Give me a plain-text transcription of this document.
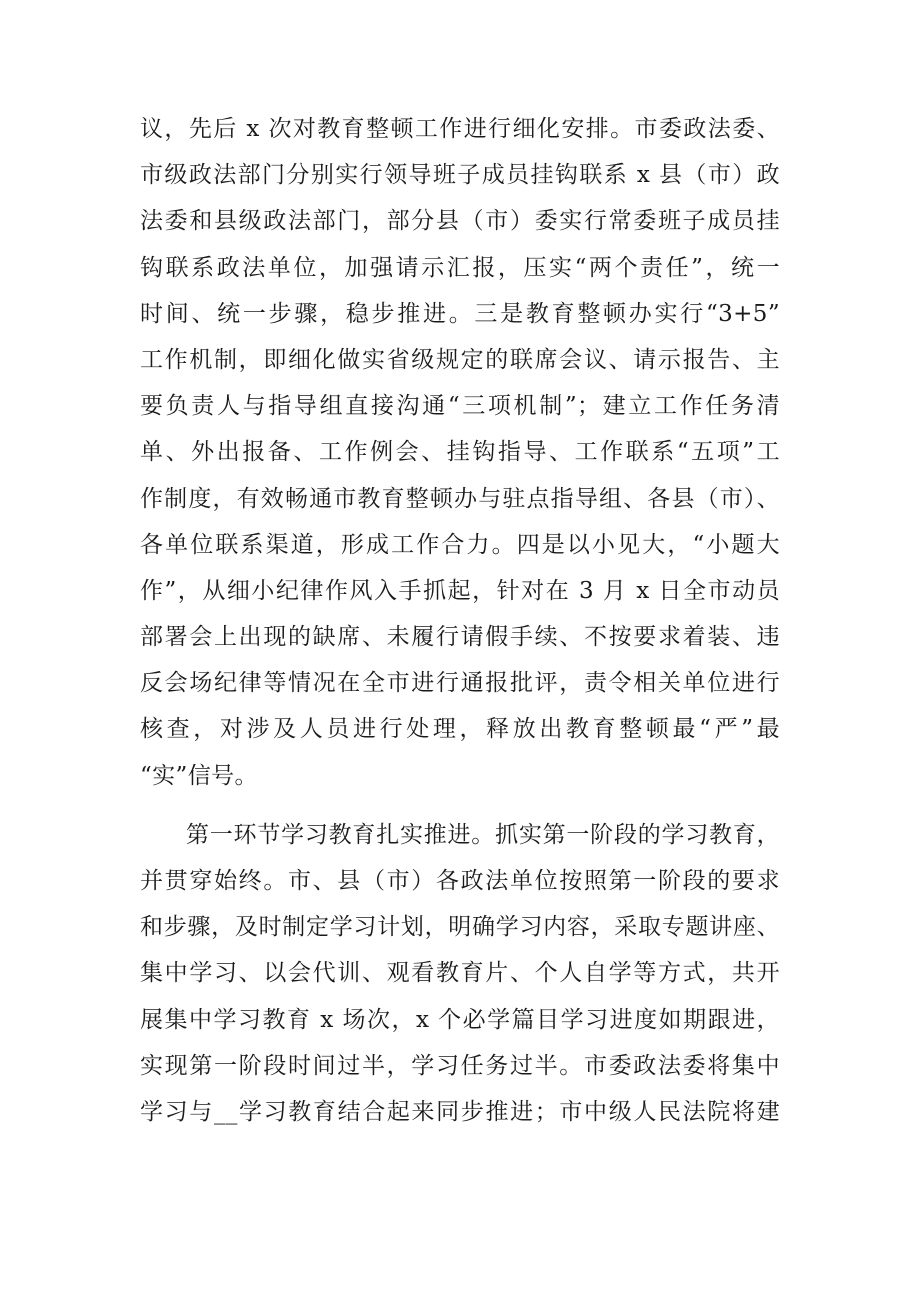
议，先后 x 次对教育整顿工作进行细化安排。市委政法委、
市级政法部门分别实行领导班子成员挂钩联系 x 县（市）政
法委和县级政法部门，部分县（市）委实行常委班子成员挂
钩联系政法单位，加强请示汇报，压实“两个责任”，统一
时间、统一步骤，稳步推进。三是教育整顿办实行“3+5”
工作机制，即细化做实省级规定的联席会议、请示报告、主
要负责人与指导组直接沟通“三项机制”；建立工作任务清
单、外出报备、工作例会、挂钩指导、工作联系“五项”工
作制度，有效畅通市教育整顿办与驻点指导组、各县（市）、
各单位联系渠道，形成工作合力。四是以小见大，“小题大
作”，从细小纪律作风入手抓起，针对在 3 月 x 日全市动员
部署会上出现的缺席、未履行请假手续、不按要求着装、违
反会场纪律等情况在全市进行通报批评，责令相关单位进行
核查，对涉及人员进行处理，释放出教育整顿最“严”最
“实”信号。
第一环节学习教育扎实推进。抓实第一阶段的学习教育，
并贯穿始终。市、县（市）各政法单位按照第一阶段的要求
和步骤，及时制定学习计划，明确学习内容，采取专题讲座、
集中学习、以会代训、观看教育片、个人自学等方式，共开
展集中学习教育 x 场次，x 个必学篇目学习进度如期跟进，
实现第一阶段时间过半，学习任务过半。市委政法委将集中
学习与__学习教育结合起来同步推进；市中级人民法院将建
